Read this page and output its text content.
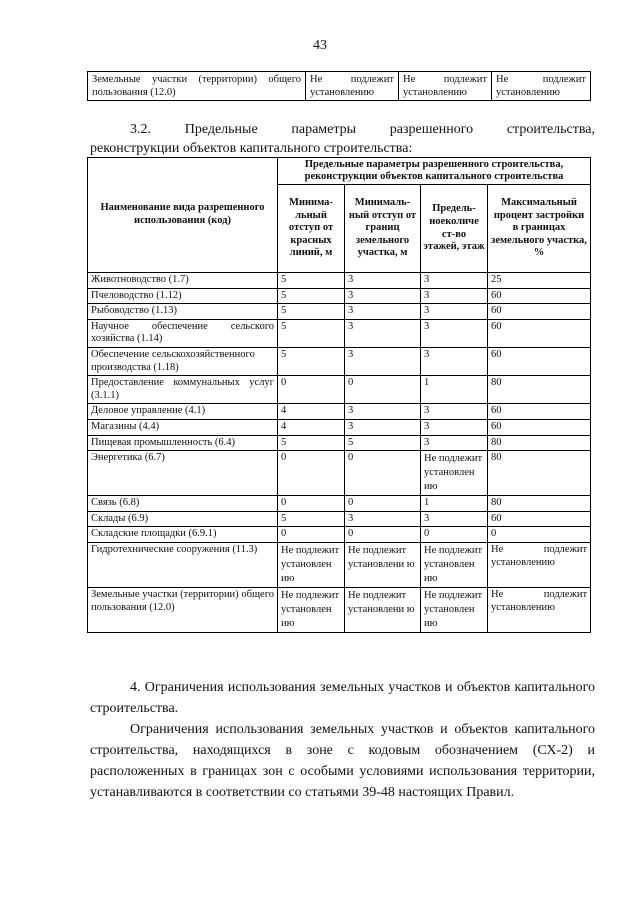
43
Земельные участки (территории) общего пользования (12.0)	Не подлежит установлению	Не подлежит установлению	Не подлежит установлению
3.2. Предельные параметры разрешенного строительства,
реконструкции объектов капитального строительства:
Наименование вида разрешенного использования (код)	Предельные параметры разрешенного строительства, реконструкции объектов капитального строительства			
	Минима-льный отступ от красных линий, м	Минималь-ный отступ от границ земельного участка, м	Предель-ноеколиче ст-во этажей, этаж	Максимальный процент застройки в границах земельного участка, %
Животноводство (1.7)	5	3	3	25
Пчеловодство (1.12)	5	3	3	60
Рыбоводство (1.13)	5	3	3	60
Научное обеспечение сельского хозяйства (1.14)	5	3	3	60
Обеспечение сельскохозяйственного производства (1.18)	5	3	3	60
Предоставление коммунальных услуг (3.1.1)	0	0	1	80
Деловое управление (4.1)	4	3	3	60
Магазины (4.4)	4	3	3	60
Пищевая промышленность (6.4)	5	5	3	80
Энергетика (6.7)	0	0	Не подлежит установлен ию	80
Связь (6.8)	0	0	1	80
Склады (6.9)	5	3	3	60
Складские площадки (6.9.1)	0	0	0	0
Гидротехнические сооружения (11.3)	Не подлежит установлен ию	Не подлежит установлени ю	Не подлежит установлен ию	Не подлежит установлению
Земельные участки (территории) общего пользования (12.0)	Не подлежит установлен ию	Не подлежит установлени ю	Не подлежит установлен ию	Не подлежит установлению

4. Ограничения использования земельных участков и объектов капитального строительства.

Ограничения использования земельных участков и объектов капитального строительства, находящихся в зоне с кодовым обозначением (СХ-2) и расположенных в границах зон с особыми условиями использования территории, устанавливаются в соответствии со статьями 39-48 настоящих Правил.
